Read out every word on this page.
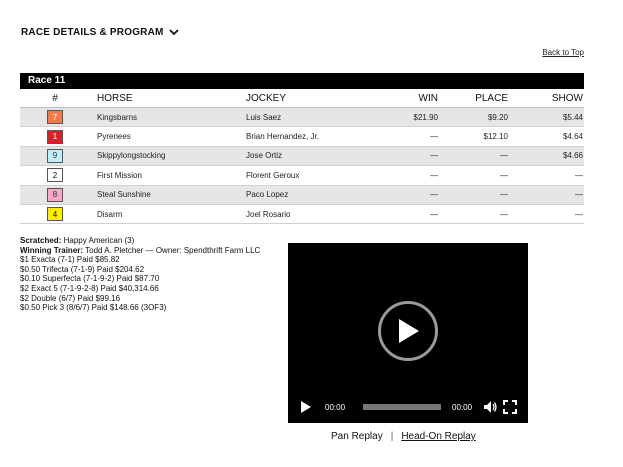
RACE DETAILS & PROGRAM
Back to Top
Race 11
#	HORSE	JOCKEY	WIN	PLACE	SHOW
7	Kingsbarns	Luis Saez	$21.90	$9.20	$5.44
1	Pyrenees	Brian Hernandez, Jr.	—	$12.10	$4.64
9	Skippylongstocking	Jose Ortiz	—	—	$4.66
2	First Mission	Florent Geroux	—	—	—
8	Steal Sunshine	Paco Lopez	—	—	—
4	Disarm	Joel Rosario	—	—	—
Scratched: Happy American (3)
Winning Trainer: Todd A. Pletcher — Owner: Spendthrift Farm LLC
$1 Exacta (7-1) Paid $85.82
$0.50 Trifecta (7-1-9) Paid $204.62
$0.10 Superfecta (7-1-9-2) Paid $87.70
$2 Exact 5 (7-1-9-2-8) Paid $40,314.66
$2 Double (6/7) Paid $99.16
$0.50 Pick 3 (8/6/7) Paid $148.66 (3OF3)
00:00	00:00
Pan Replay | Head-On Replay
